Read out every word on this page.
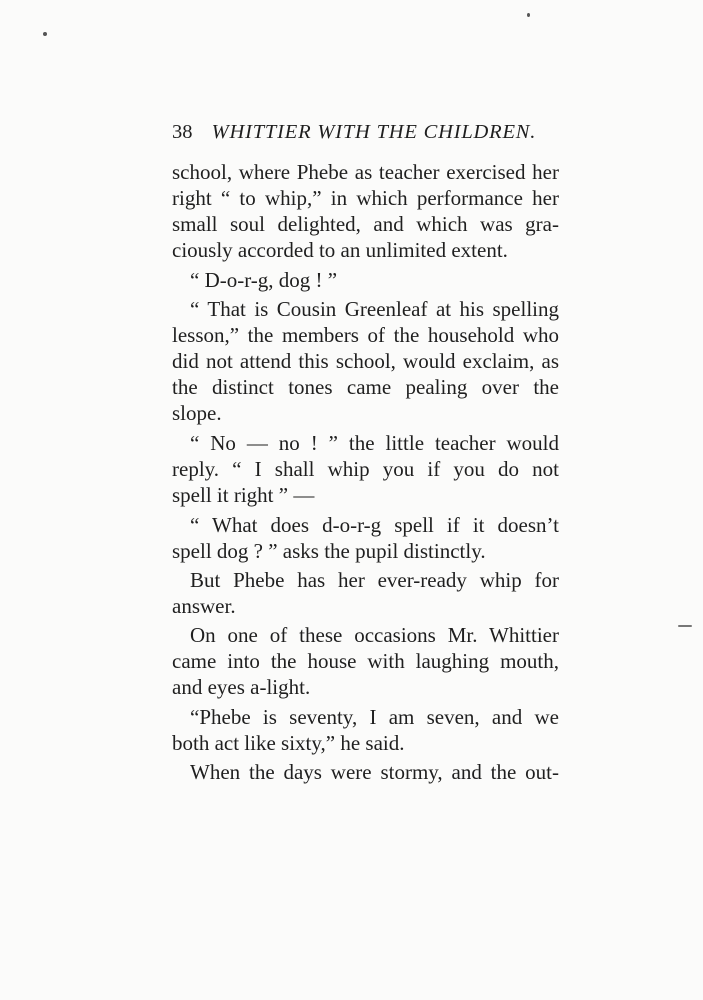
38 WHITTIER WITH THE CHILDREN.
school, where Phebe as teacher exercised her
right “ to whip,” in which performance her
small soul delighted, and which was gra-
ciously accorded to an unlimited extent.
“ D-o-r-g, dog ! ”
“ That is Cousin Greenleaf at his spelling
lesson,” the members of the household who
did not attend this school, would exclaim, as
the distinct tones came pealing over the
slope.
“ No — no ! ” the little teacher would
reply. “ I shall whip you if you do not
spell it right ” —
“ What does d-o-r-g spell if it doesn’t
spell dog ? ” asks the pupil distinctly.
But Phebe has her ever-ready whip for
answer.
On one of these occasions Mr. Whittier
came into the house with laughing mouth,
and eyes a-light.
“Phebe is seventy, I am seven, and we
both act like sixty,” he said.
When the days were stormy, and the out-
